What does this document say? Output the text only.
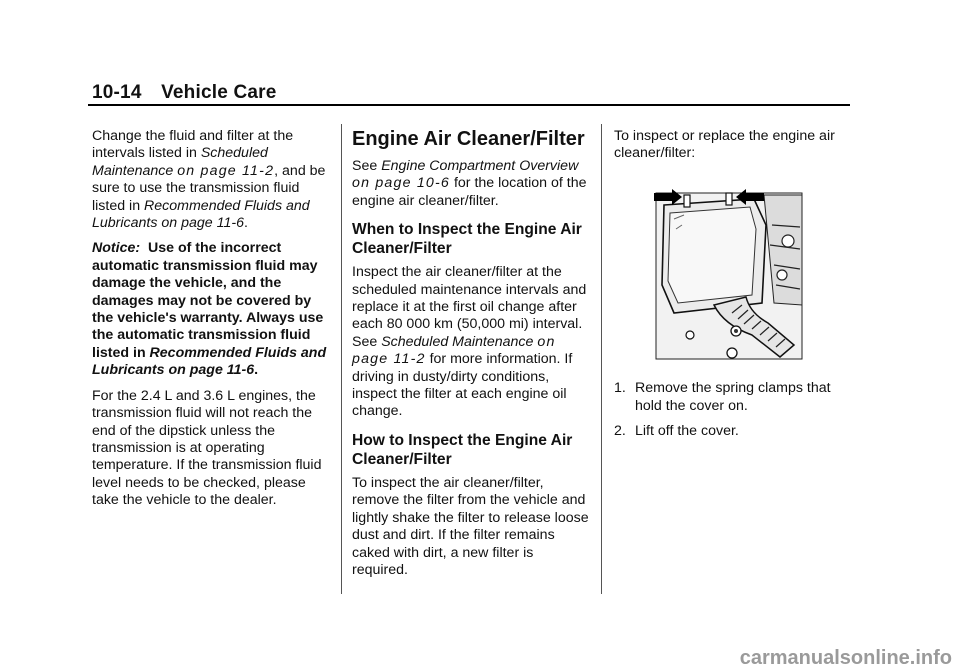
10-14 Vehicle Care

Change the fluid and filter at the intervals listed in Scheduled Maintenance on page 11-2, and be sure to use the transmission fluid listed in Recommended Fluids and Lubricants on page 11-6.

Notice: Use of the incorrect automatic transmission fluid may damage the vehicle, and the damages may not be covered by the vehicle's warranty. Always use the automatic transmission fluid listed in Recommended Fluids and Lubricants on page 11-6.

For the 2.4 L and 3.6 L engines, the transmission fluid will not reach the end of the dipstick unless the transmission is at operating temperature. If the transmission fluid level needs to be checked, please take the vehicle to the dealer.

Engine Air Cleaner/Filter

See Engine Compartment Overview on page 10-6 for the location of the engine air cleaner/filter.

When to Inspect the Engine Air Cleaner/Filter

Inspect the air cleaner/filter at the scheduled maintenance intervals and replace it at the first oil change after each 80 000 km (50,000 mi) interval. See Scheduled Maintenance on page 11-2 for more information. If driving in dusty/dirty conditions, inspect the filter at each engine oil change.

How to Inspect the Engine Air Cleaner/Filter

To inspect the air cleaner/filter, remove the filter from the vehicle and lightly shake the filter to release loose dust and dirt. If the filter remains caked with dirt, a new filter is required.

To inspect or replace the engine air cleaner/filter:

1. Remove the spring clamps that hold the cover on.
2. Lift off the cover.
carmanualsonline.info
